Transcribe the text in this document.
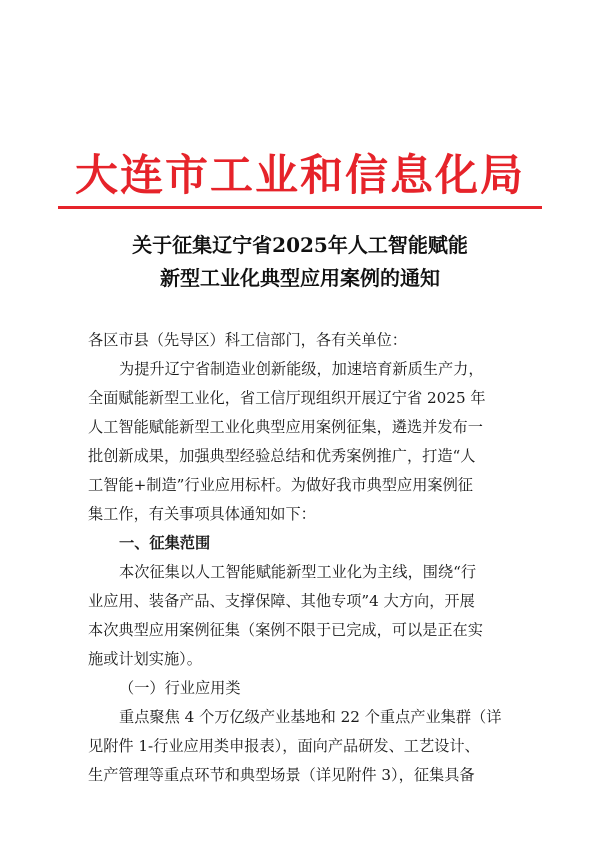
大连市工业和信息化局
关于征集辽宁省2025年人工智能赋能
新型工业化典型应用案例的通知
各区市县（先导区）科工信部门，各有关单位：
为提升辽宁省制造业创新能级，加速培育新质生产力，
全面赋能新型工业化，省工信厅现组织开展辽宁省 2025 年
人工智能赋能新型工业化典型应用案例征集，遴选并发布一
批创新成果，加强典型经验总结和优秀案例推广，打造“人
工智能+制造”行业应用标杆。为做好我市典型应用案例征
集工作，有关事项具体通知如下：
一、征集范围
本次征集以人工智能赋能新型工业化为主线，围绕“行
业应用、装备产品、支撑保障、其他专项”4 大方向，开展
本次典型应用案例征集（案例不限于已完成，可以是正在实
施或计划实施）。
（一）行业应用类
重点聚焦 4 个万亿级产业基地和 22 个重点产业集群（详
见附件 1-行业应用类申报表），面向产品研发、工艺设计、
生产管理等重点环节和典型场景（详见附件 3），征集具备
